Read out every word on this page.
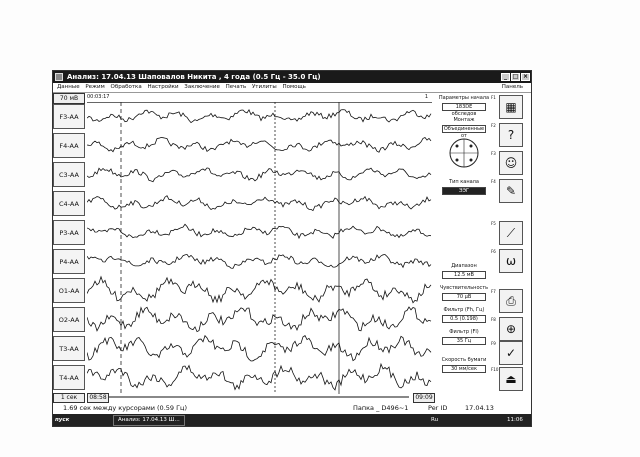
Анализ: 17.04.13 Шаповалов Никита , 4 года (0.5 Гц - 35.0 Гц)	_ □ ×
Данные Режим Обработка Настройки Заключение Печать Утилиты Помощь	Панель
70 мВ
F3-AA
F4-AA
C3-AA
C4-AA
P3-AA
P4-AA
O1-AA
O2-AA
T3-AA
T4-AA
00:03:17	1
1 сек	08:58	09:09
1.69 сек между курсорами (0.59 Гц)	Папка _ D496~1	Per ID	17.04.13
пуск	Анализ: 17.04.13 Ш...	Ru	11:06
Параметры начала
183DE обследов
Монтаж
Объединенные от
Тип канала
ЭЭГ
Диапазон
12.5 мВ
Чувствительность
70 µВ
Фильтр (Fh, Гц)
0.5 (0.198)
Фильтр (Fl)
35 Гц
Скорость бумаги
30 мм/сек
▦
F1
?
F2
☺
F3
✎
F4
⟋
F5
ω
F6
⎙
F7
⊕
F8
✓
F9
⏏
F10
